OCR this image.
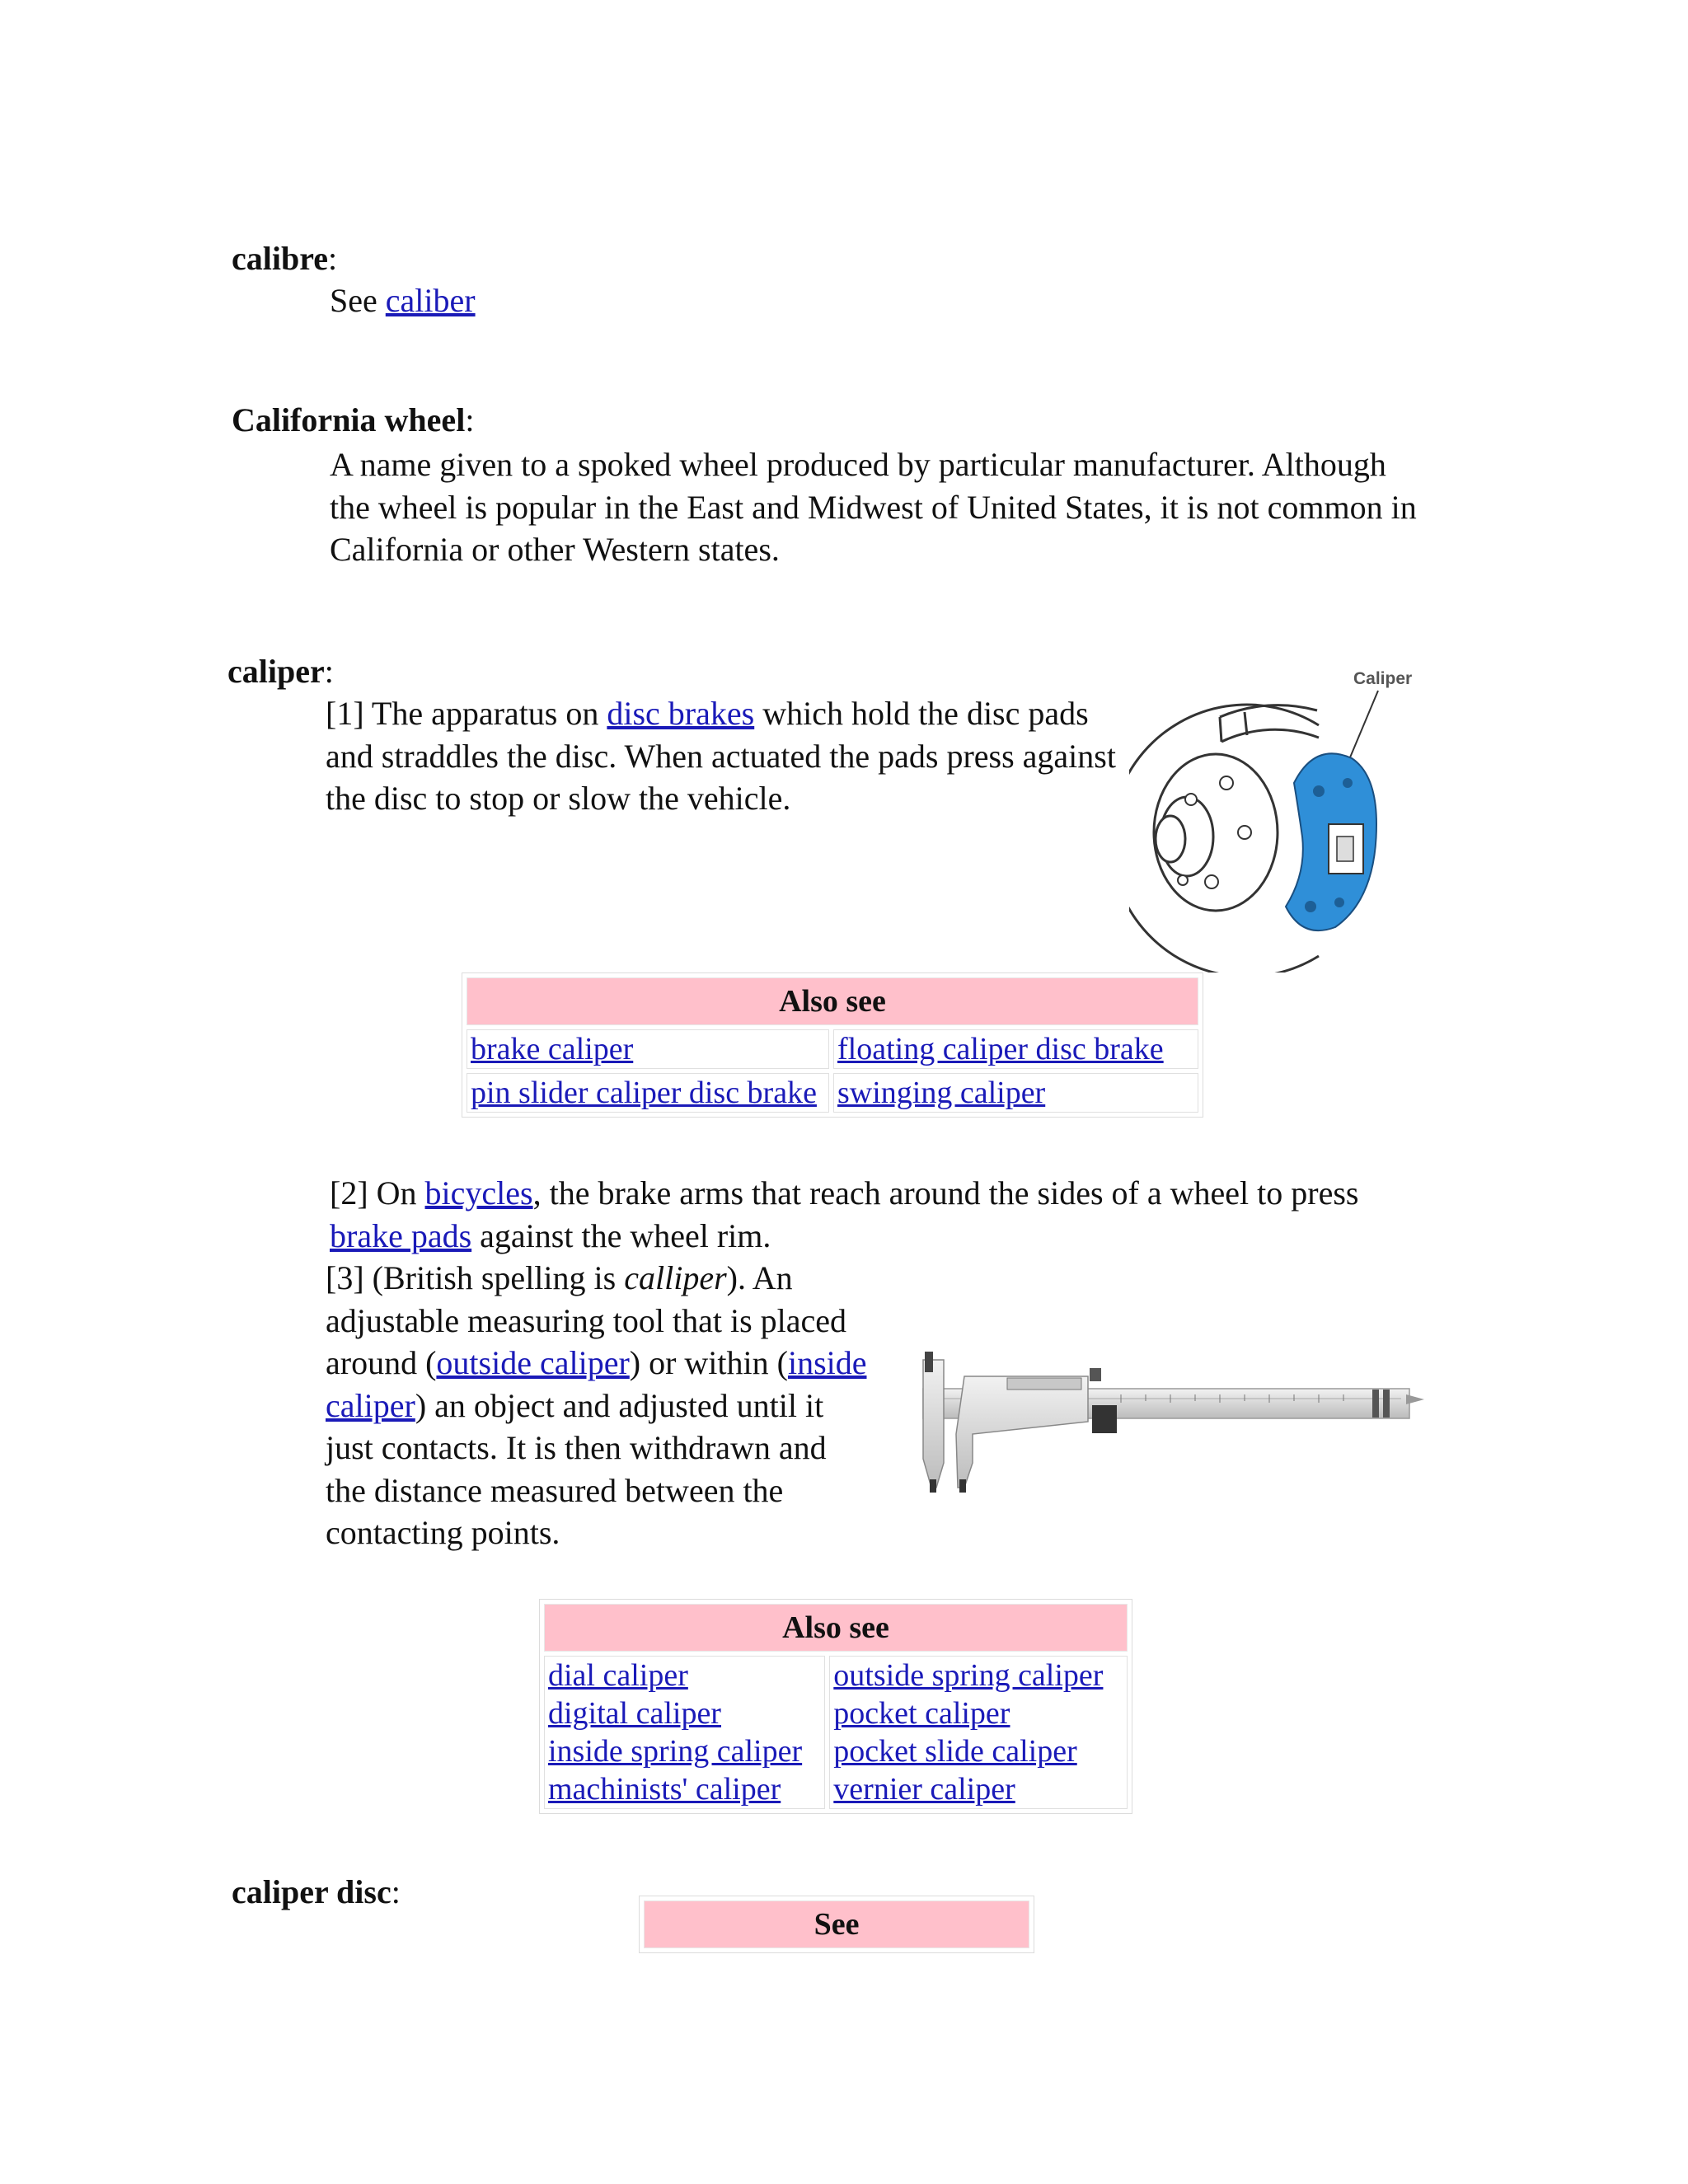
calibre:
See caliber
California wheel:
A name given to a spoked wheel produced by particular manufacturer. Although the wheel is popular in the East and Midwest of United States, it is not common in California or other Western states.
caliper:
[1] The apparatus on disc brakes which hold the disc pads and straddles the disc. When actuated the pads press against the disc to stop or slow the vehicle.
Caliper
Also see	
brake caliper	floating caliper disc brake
pin slider caliper disc brake	swinging caliper
[2] On bicycles, the brake arms that reach around the sides of a wheel to press brake pads against the wheel rim.
[3] (British spelling is calliper). An adjustable measuring tool that is placed around (outside caliper) or within (inside caliper) an object and adjusted until it just contacts. It is then withdrawn and the distance measured between the contacting points.
Also see

dial caliper
digital caliper
inside spring caliper
machinists' caliper

outside spring caliper
pocket caliper
pocket slide caliper
vernier caliper
caliper disc:
See
